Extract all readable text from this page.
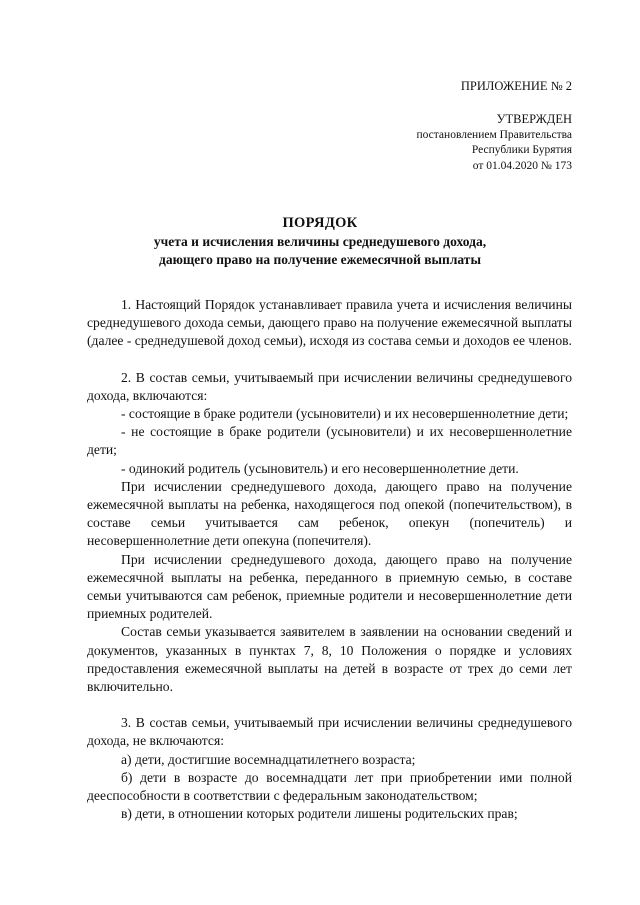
ПРИЛОЖЕНИЕ № 2
УТВЕРЖДЕН
постановлением Правительства
Республики Бурятия
от 01.04.2020 № 173
ПОРЯДОК
учета и исчисления величины среднедушевого дохода,
дающего право на получение ежемесячной выплаты

1. Настоящий Порядок устанавливает правила учета и исчисления величины среднедушевого дохода семьи, дающего право на получение ежемесячной выплаты (далее - среднедушевой доход семьи), исходя из состава семьи и доходов ее членов.

2. В состав семьи, учитываемый при исчислении величины среднедушевого дохода, включаются:

- состоящие в браке родители (усыновители) и их несовершеннолетние дети;

- не состоящие в браке родители (усыновители) и их несовершеннолетние дети;

- одинокий родитель (усыновитель) и его несовершеннолетние дети.

При исчислении среднедушевого дохода, дающего право на получение ежемесячной выплаты на ребенка, находящегося под опекой (попечительством), в составе семьи учитывается сам ребенок, опекун (попечитель) и несовершеннолетние дети опекуна (попечителя).

При исчислении среднедушевого дохода, дающего право на получение ежемесячной выплаты на ребенка, переданного в приемную семью, в составе семьи учитываются сам ребенок, приемные родители и несовершеннолетние дети приемных родителей.

Состав семьи указывается заявителем в заявлении на основании сведений и документов, указанных в пунктах 7, 8, 10 Положения о порядке и условиях предоставления ежемесячной выплаты на детей в возрасте от трех до семи лет включительно.

3. В состав семьи, учитываемый при исчислении величины среднедушевого дохода, не включаются:

а) дети, достигшие восемнадцатилетнего возраста;

б) дети в возрасте до восемнадцати лет при приобретении ими полной дееспособности в соответствии с федеральным законодательством;

в) дети, в отношении которых родители лишены родительских прав;
